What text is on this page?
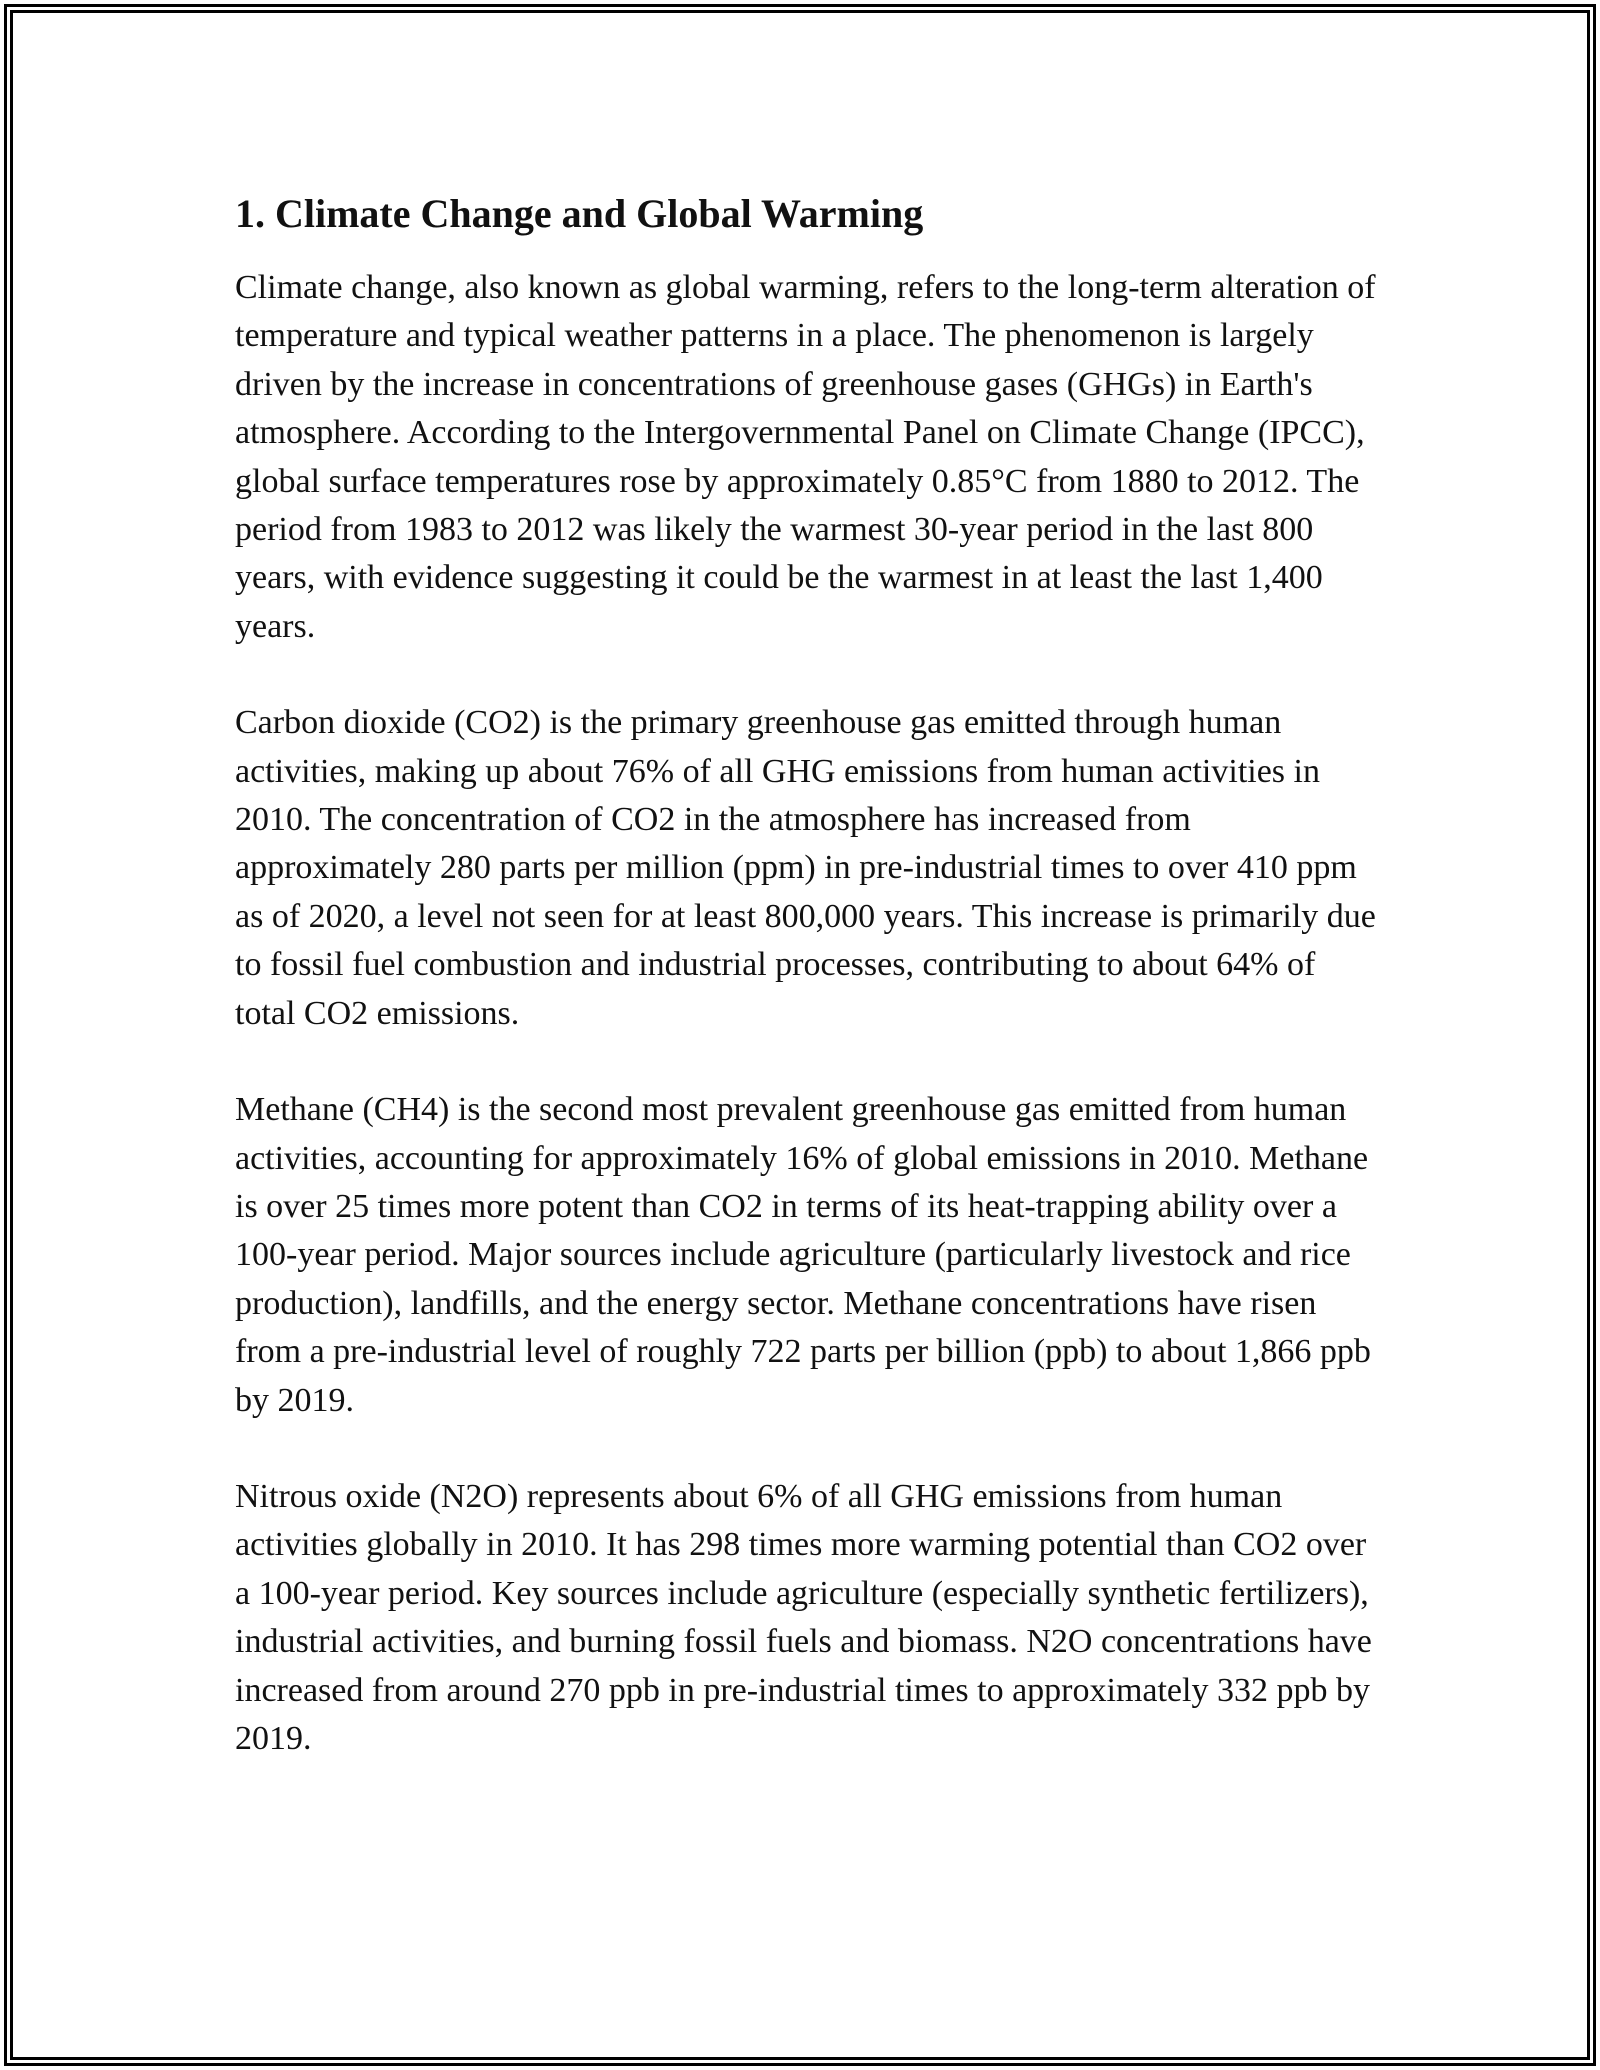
1. Climate Change and Global Warming

Climate change, also known as global warming, refers to the long-term alteration of temperature and typical weather patterns in a place. The phenomenon is largely driven by the increase in concentrations of greenhouse gases (GHGs) in Earth's atmosphere. According to the Intergovernmental Panel on Climate Change (IPCC), global surface temperatures rose by approximately 0.85°C from 1880 to 2012. The period from 1983 to 2012 was likely the warmest 30-year period in the last 800 years, with evidence suggesting it could be the warmest in at least the last 1,400 years.

Carbon dioxide (CO2) is the primary greenhouse gas emitted through human activities, making up about 76% of all GHG emissions from human activities in 2010. The concentration of CO2 in the atmosphere has increased from approximately 280 parts per million (ppm) in pre-industrial times to over 410 ppm as of 2020, a level not seen for at least 800,000 years. This increase is primarily due to fossil fuel combustion and industrial processes, contributing to about 64% of total CO2 emissions.

Methane (CH4) is the second most prevalent greenhouse gas emitted from human activities, accounting for approximately 16% of global emissions in 2010. Methane is over 25 times more potent than CO2 in terms of its heat-trapping ability over a 100-year period. Major sources include agriculture (particularly livestock and rice production), landfills, and the energy sector. Methane concentrations have risen from a pre-industrial level of roughly 722 parts per billion (ppb) to about 1,866 ppb by 2019.

Nitrous oxide (N2O) represents about 6% of all GHG emissions from human activities globally in 2010. It has 298 times more warming potential than CO2 over a 100-year period. Key sources include agriculture (especially synthetic fertilizers), industrial activities, and burning fossil fuels and biomass. N2O concentrations have increased from around 270 ppb in pre-industrial times to approximately 332 ppb by 2019.
